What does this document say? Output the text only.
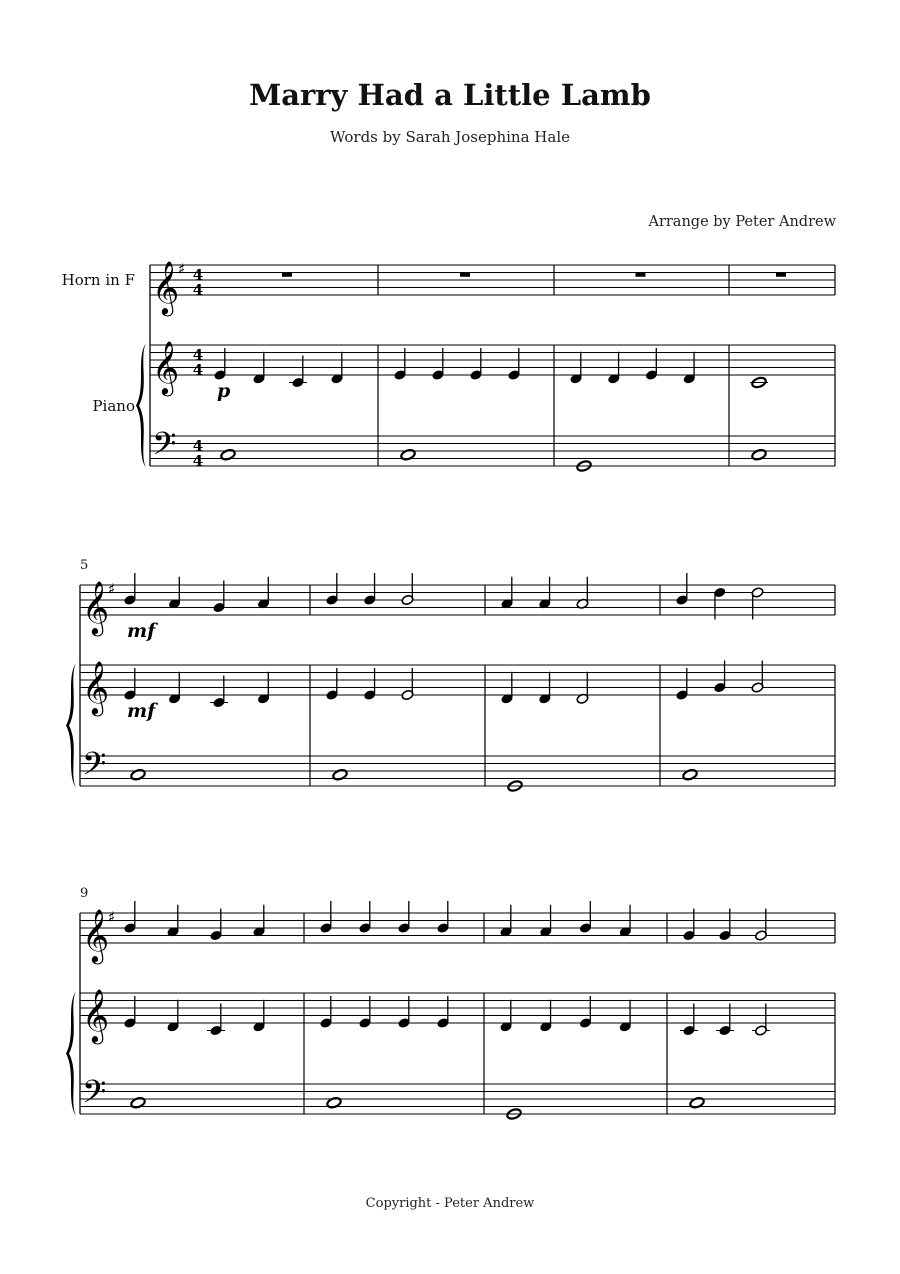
Marry Had a Little Lamb
Words by Sarah Josephina Hale
Arrange by Peter Andrew
Copyright - Peter Andrew
𝄞
♯
𝄞
𝄢
4
4
4
4
4
4
Horn in F
Piano
p
𝄞
♯
𝄞
𝄢
5
mf
mf
𝄞
♯
𝄞
𝄢
9
